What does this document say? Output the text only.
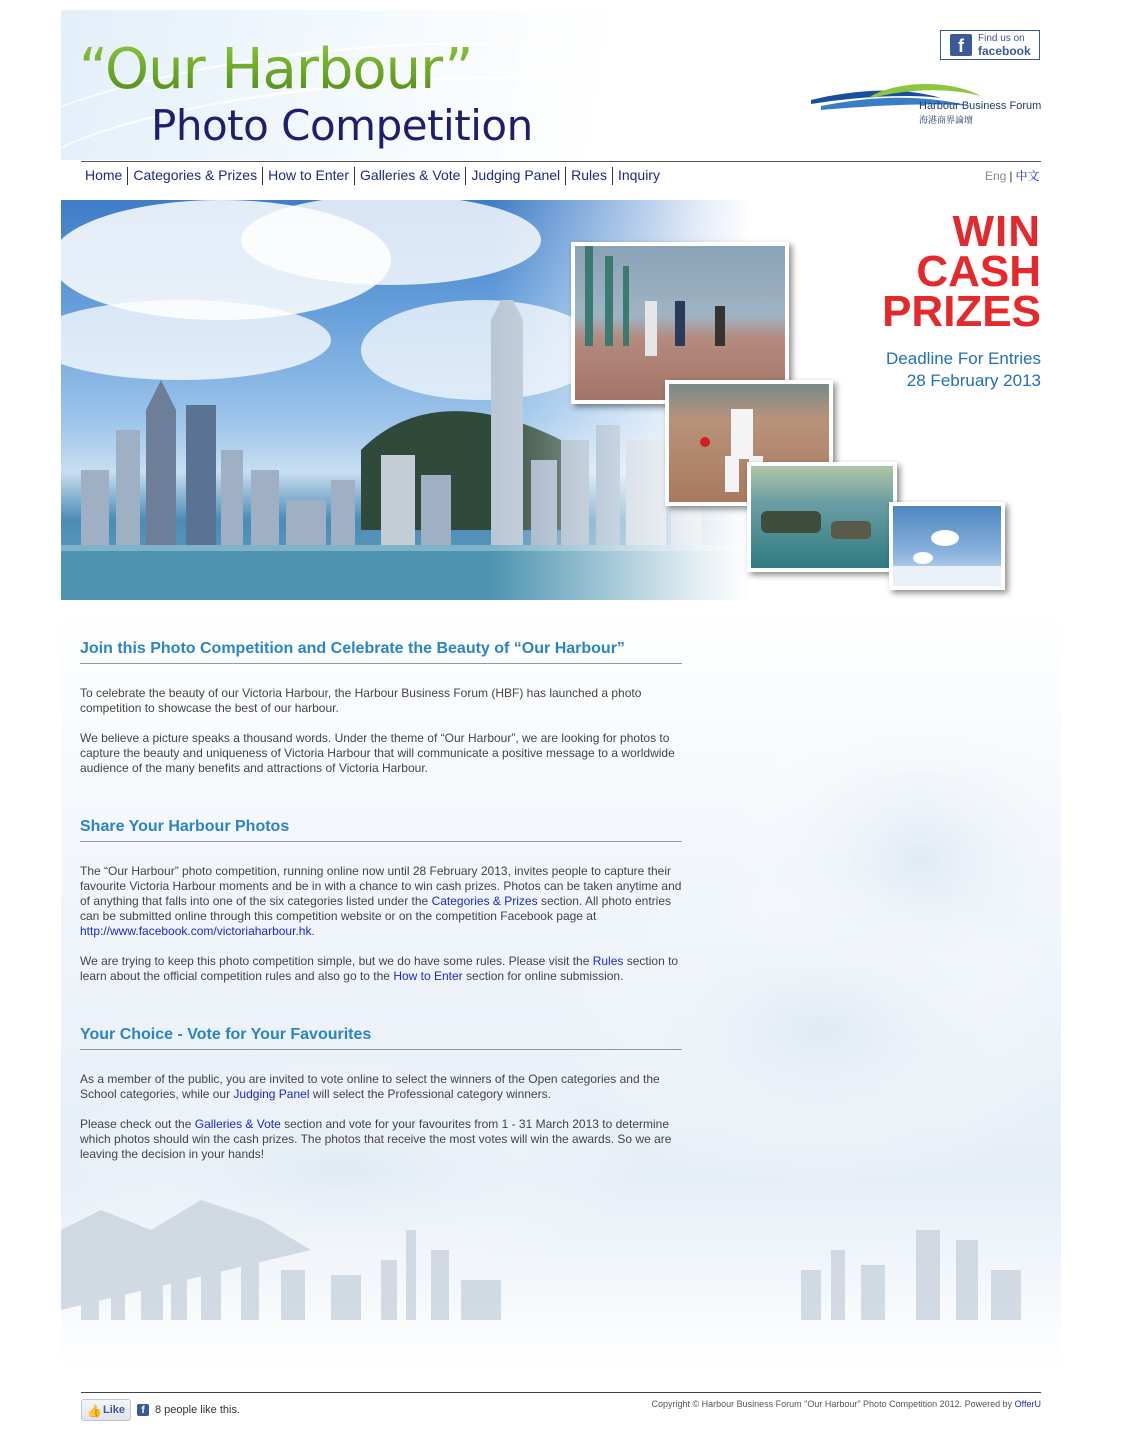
“Our Harbour”
Photo Competition
f	Find us on
facebook
Harbour Business Forum
海港商界論壇
Home Categories & Prizes How to Enter Galleries & Vote Judging Panel Rules Inquiry	Eng | 中文
WIN
CASH
PRIZES
Deadline For Entries
28 February 2013
Join this Photo Competition and Celebrate the Beauty of “Our Harbour”

To celebrate the beauty of our Victoria Harbour, the Harbour Business Forum (HBF) has launched a photo competition to showcase the best of our harbour.

We believe a picture speaks a thousand words. Under the theme of “Our Harbour”, we are looking for photos to capture the beauty and uniqueness of Victoria Harbour that will communicate a positive message to a worldwide audience of the many benefits and attractions of Victoria Harbour.

Share Your Harbour Photos

The “Our Harbour” photo competition, running online now until 28 February 2013, invites people to capture their favourite Victoria Harbour moments and be in with a chance to win cash prizes. Photos can be taken anytime and of anything that falls into one of the six categories listed under the Categories & Prizes section. All photo entries can be submitted online through this competition website or on the competition Facebook page at http://www.facebook.com/victoriaharbour.hk.

We are trying to keep this photo competition simple, but we do have some rules. Please visit the Rules section to learn about the official competition rules and also go to the How to Enter section for online submission.

Your Choice - Vote for Your Favourites

As a member of the public, you are invited to vote online to select the winners of the Open categories and the School categories, while our Judging Panel will select the Professional category winners.

Please check out the Galleries & Vote section and vote for your favourites from 1 - 31 March 2013 to determine which photos should win the cash prizes. The photos that receive the most votes will win the awards. So we are leaving the decision in your hands!

👍 Like	f 8 people like this.	Copyright © Harbour Business Forum "Our Harbour" Photo Competition 2012. Powered by OfferU
